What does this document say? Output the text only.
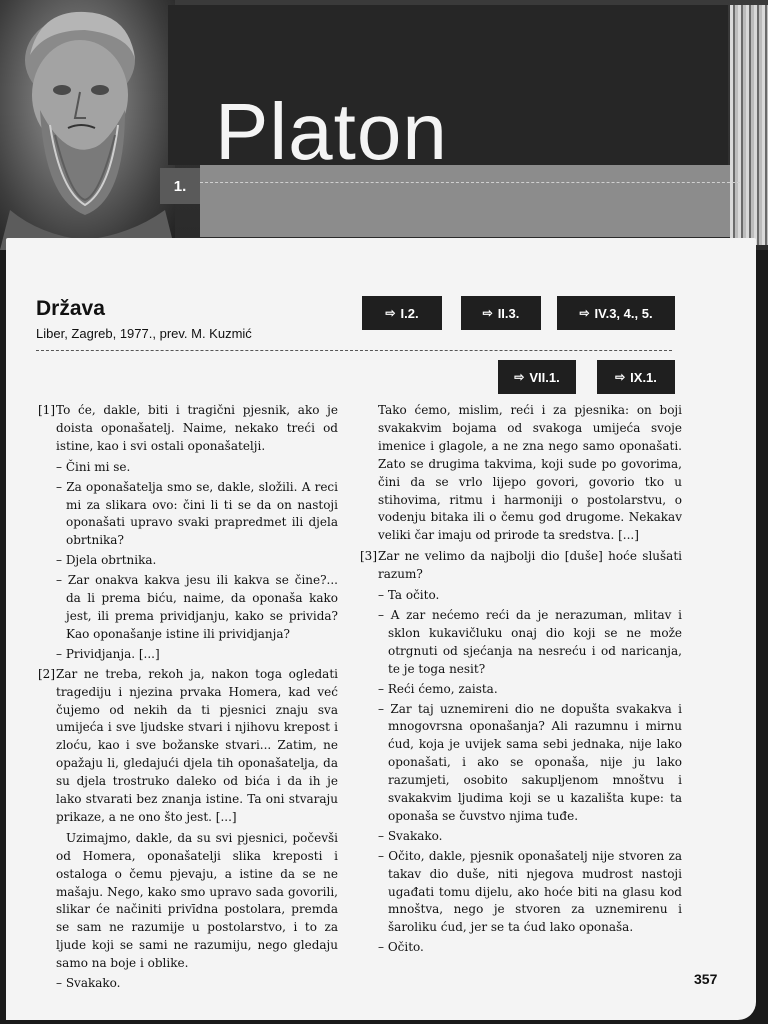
1.
Platon
Država
Liber, Zagreb, 1977., prev. M. Kuzmić
⇨ I.2.	⇨ II.3.	⇨ IV.3, 4., 5.
⇨ VII.1.	⇨ IX.1.

[1] To će, dakle, biti i tragični pjesnik, ako je doista oponašatelj. Naime, nekako treći od istine, kao i svi ostali oponašatelji.

– Čini mi se.

– Za oponašatelja smo se, dakle, složili. A reci mi za slikara ovo: čini li ti se da on nastoji oponašati upravo svaki prapredmet ili djela obrtnika?

– Djela obrtnika.

– Zar onakva kakva jesu ili kakva se čine?... da li prema biću, naime, da oponaša kako jest, ili prema prividjanju, kako se privida? Kao oponašanje istine ili prividjanja?

– Prividjanja. [...]

[2] Zar ne treba, rekoh ja, nakon toga ogledati tragediju i njezina prvaka Homera, kad već čujemo od nekih da ti pjesnici znaju sva umijeća i sve ljudske stvari i njihovu krepost i zloću, kao i sve božanske stvari... Zatim, ne opažaju li, gledajući djela tih oponašatelja, da su djela trostruko daleko od bića i da ih je lako stvarati bez znanja istine. Ta oni stvaraju prikaze, a ne ono što jest. [...]

Uzimajmo, dakle, da su svi pjesnici, počevši od Homera, oponašatelji slika kreposti i ostaloga o čemu pjevaju, a istine da se ne mašaju. Nego, kako smo upravo sada govorili, slikar će načiniti privīdna postolara, premda se sam ne razumije u postolarstvo, i to za ljude koji se sami ne razumiju, nego gledaju samo na boje i oblike.

– Svakako.

Tako ćemo, mislim, reći i za pjesnika: on boji svakakvim bojama od svakoga umijeća svoje imenice i glagole, a ne zna nego samo oponašati. Zato se drugima takvima, koji sude po govorima, čini da se vrlo lijepo govori, govorio tko u stihovima, ritmu i harmoniji o postolarstvu, o vodenju bitaka ili o čemu god drugome. Nekakav veliki čar imaju od prirode ta sredstva. [...]

[3] Zar ne velimo da najbolji dio [duše] hoće slušati razum?

– Ta očito.

– A zar nećemo reći da je nerazuman, mlitav i sklon kukavičluku onaj dio koji se ne može otrgnuti od sjećanja na nesreću i od naricanja, te je toga nesit?

– Reći ćemo, zaista.

– Zar taj uznemireni dio ne dopušta svakakva i mnogovrsna oponašanja? Ali razumnu i mirnu ćud, koja je uvijek sama sebi jednaka, nije lako oponašati, i ako se oponaša, nije ju lako razumjeti, osobito sakupljenom mnoštvu i svakakvim ljudima koji se u kazališta kupe: ta oponaša se čuvstvo njima tuđe.

– Svakako.

– Očito, dakle, pjesnik oponašatelj nije stvoren za takav dio duše, niti njegova mudrost nastoji ugađati tomu dijelu, ako hoće biti na glasu kod mnoštva, nego je stvoren za uznemirenu i šaroliku ćud, jer se ta ćud lako oponaša.

– Očito.

357
